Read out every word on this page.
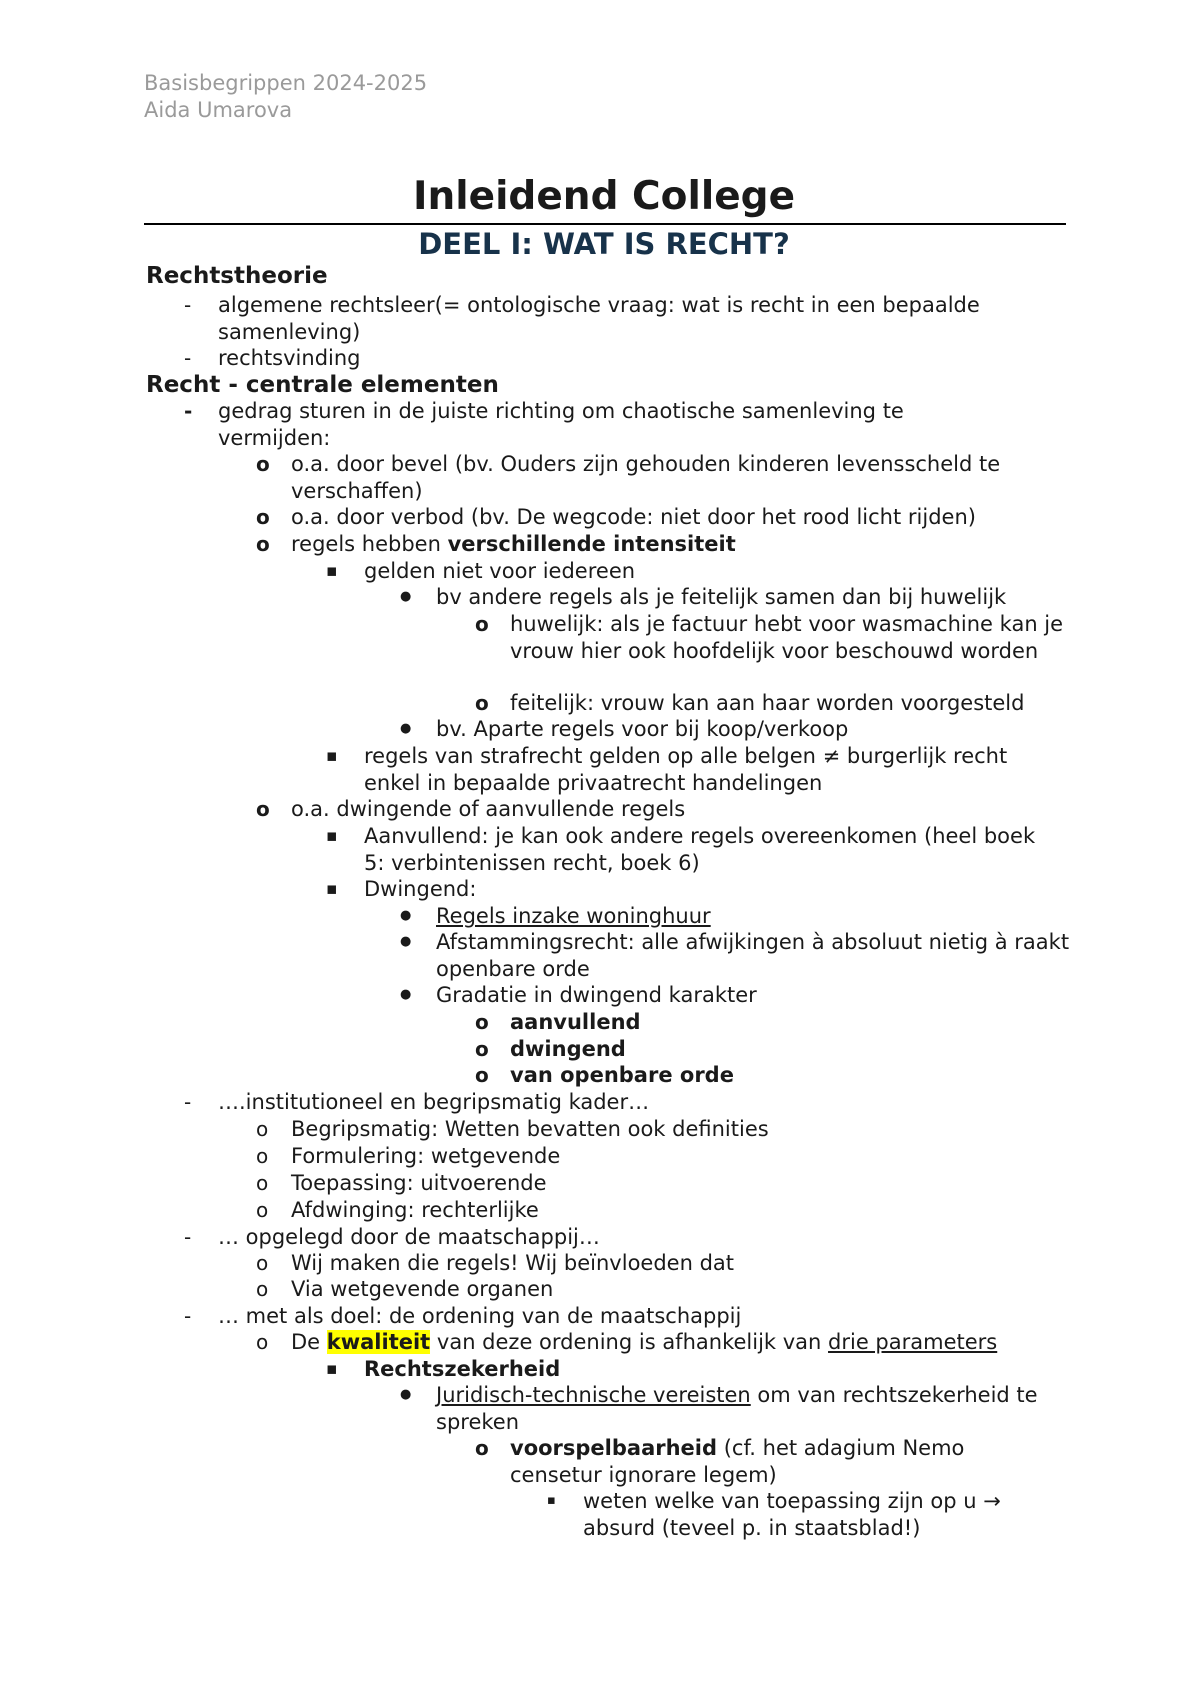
Basisbegrippen 2024-2025
Aida Umarova
Inleidend College
DEEL I: WAT IS RECHT?
Rechtstheorie
- algemene rechtsleer(= ontologische vraag: wat is recht in een bepaalde samenleving)
- rechtsvinding
Recht - centrale elementen
- gedrag sturen in de juiste richting om chaotische samenleving te vermijden:
o o.a. door bevel (bv. Ouders zijn gehouden kinderen levensscheld te verschaffen)
o o.a. door verbod (bv. De wegcode: niet door het rood licht rijden)
o regels hebben verschillende intensiteit
▪ gelden niet voor iedereen
● bv andere regels als je feitelijk samen dan bij huwelijk
o huwelijk: als je factuur hebt voor wasmachine kan je vrouw hier ook hoofdelijk voor beschouwd worden
o feitelijk: vrouw kan aan haar worden voorgesteld
● bv. Aparte regels voor bij koop/verkoop
▪ regels van strafrecht gelden op alle belgen ≠ burgerlijk recht enkel in bepaalde privaatrecht handelingen
o o.a. dwingende of aanvullende regels
▪ Aanvullend: je kan ook andere regels overeenkomen (heel boek 5: verbintenissen recht, boek 6)
▪ Dwingend:
● Regels inzake woninghuur
● Afstammingsrecht: alle afwijkingen à absoluut nietig à raakt openbare orde
● Gradatie in dwingend karakter
o aanvullend
o dwingend
o van openbare orde
- ….institutioneel en begripsmatig kader…
o Begripsmatig: Wetten bevatten ook definities
o Formulering: wetgevende
o Toepassing: uitvoerende
o Afdwinging: rechterlijke
- … opgelegd door de maatschappij…
o Wij maken die regels! Wij beïnvloeden dat
o Via wetgevende organen
- … met als doel: de ordening van de maatschappij
o De kwaliteit van deze ordening is afhankelijk van drie parameters
▪ Rechtszekerheid
● Juridisch-technische vereisten om van rechtszekerheid te spreken
o voorspelbaarheid (cf. het adagium Nemo censetur ignorare legem)
▪ weten welke van toepassing zijn op u → absurd (teveel p. in staatsblad!)
